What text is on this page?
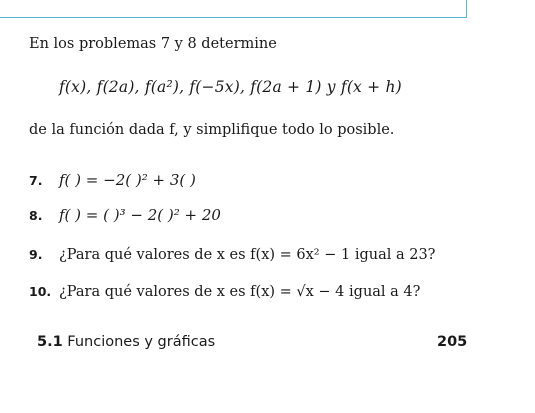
En los problemas 7 y 8 determine
f(x), f(2a), f(a²), f(−5x), f(2a + 1) y f(x + h)
de la función dada f, y simplifique todo lo posible.
7. f( ) = −2( )² + 3( )
8. f( ) = ( )³ − 2( )² + 20
9. ¿Para qué valores de x es f(x) = 6x² − 1 igual a 23?
10. ¿Para qué valores de x es f(x) = √x − 4 igual a 4?
5.1 Funciones y gráficas	205
